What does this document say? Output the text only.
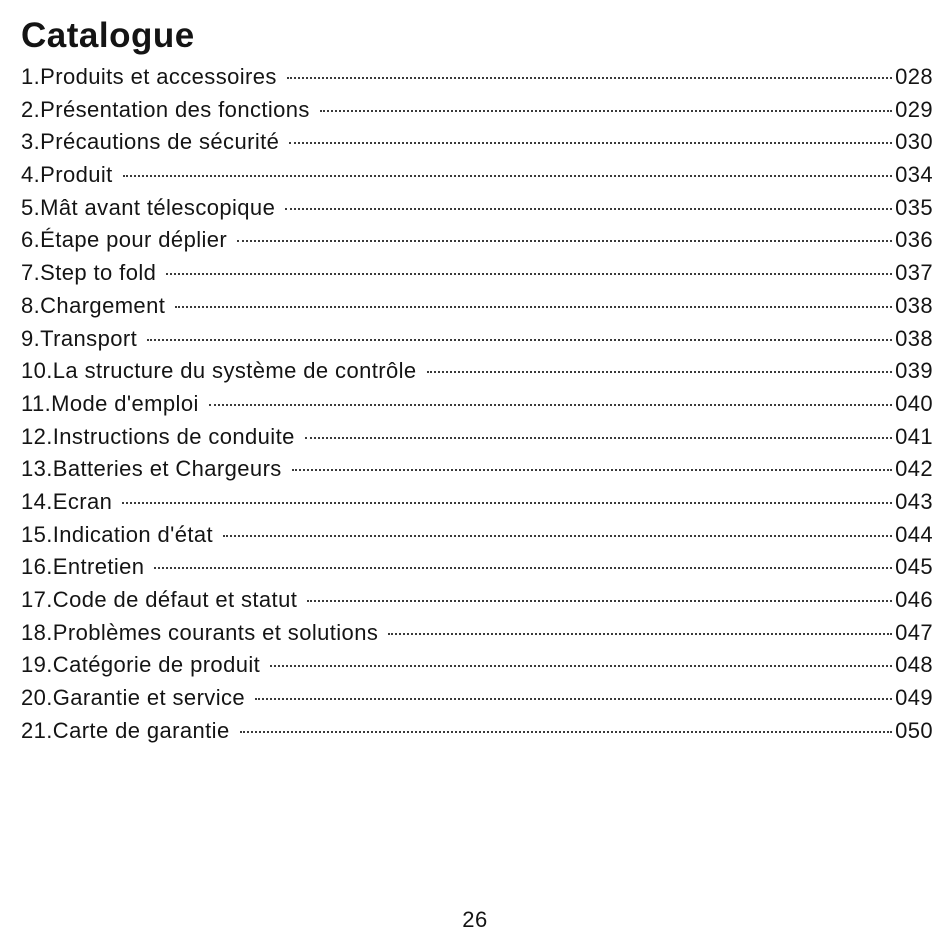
Catalogue
1.Produits et accessoires	028
2.Présentation des fonctions	029
3.Précautions de sécurité	030
4.Produit	034
5.Mât avant télescopique	035
6.Étape pour déplier	036
7.Step to fold	037
8.Chargement	038
9.Transport	038
10.La structure du système de contrôle	039
11.Mode d'emploi	040
12.Instructions de conduite	041
13.Batteries et Chargeurs	042
14.Ecran	043
15.Indication d'état	044
16.Entretien	045
17.Code de défaut et statut	046
18.Problèmes courants et solutions	047
19.Catégorie de produit	048
20.Garantie et service	049
21.Carte de garantie	050
26
